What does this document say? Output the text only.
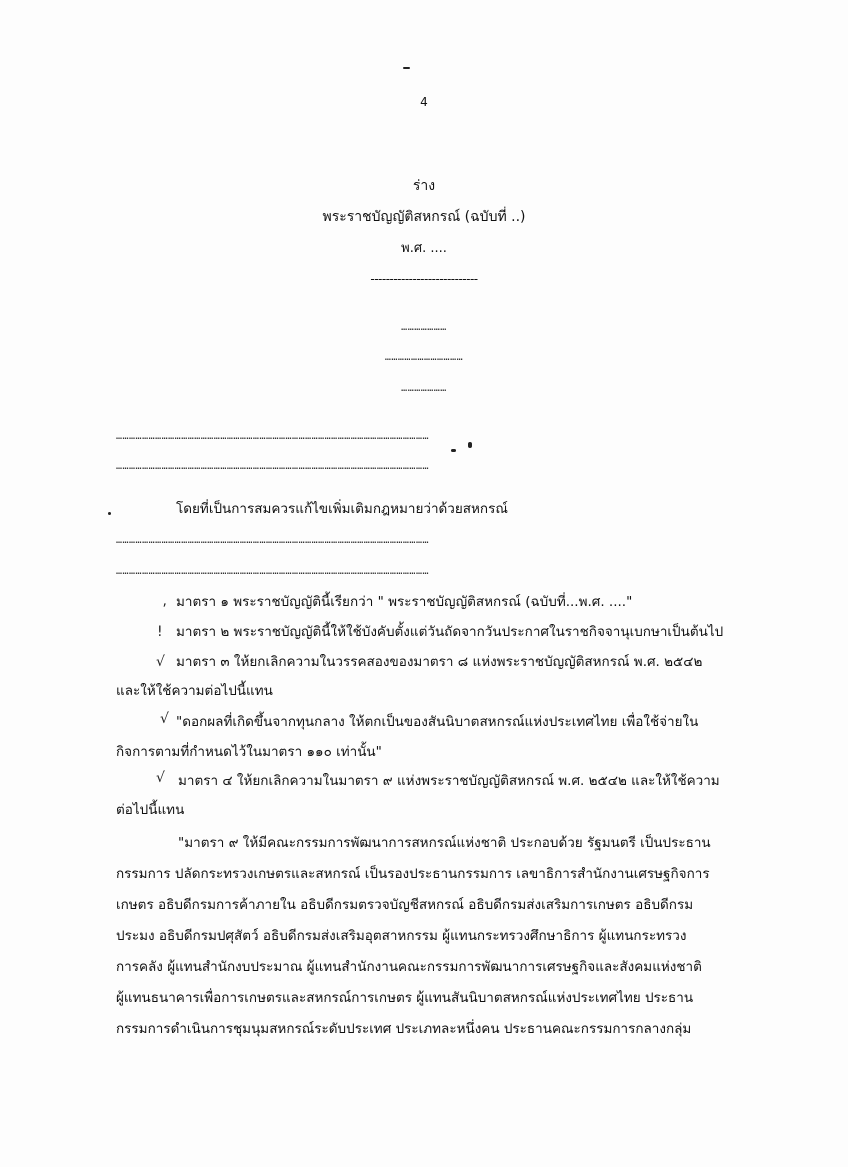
4
ร่าง
พระราชบัญญัติสหกรณ์ (ฉบับที่ ..)
พ.ศ. ....
----------------------------
…………………
………………………………
…………………
………………………………………………………………………………………………………………………………
………………………………………………………………………………………………………………………………
โดยที่เป็นการสมควรแก้ไขเพิ่มเติมกฎหมายว่าด้วยสหกรณ์
………………………………………………………………………………………………………………………………
………………………………………………………………………………………………………………………………
⸴ มาตรา ๑ พระราชบัญญัตินี้เรียกว่า " พระราชบัญญัติสหกรณ์ (ฉบับที่...พ.ศ. ...."
! มาตรา ๒ พระราชบัญญัตินี้ให้ใช้บังคับตั้งแต่วันถัดจากวันประกาศในราชกิจจานุเบกษาเป็นต้นไป
√ มาตรา ๓ ให้ยกเลิกความในวรรคสองของมาตรา ๘ แห่งพระราชบัญญัติสหกรณ์ พ.ศ. ๒๕๔๒
และให้ใช้ความต่อไปนี้แทน
√ "ดอกผลที่เกิดขึ้นจากทุนกลาง ให้ตกเป็นของสันนิบาตสหกรณ์แห่งประเทศไทย เพื่อใช้จ่ายใน
กิจการตามที่กำหนดไว้ในมาตรา ๑๑๐ เท่านั้น"
√ มาตรา ๔ ให้ยกเลิกความในมาตรา ๙ แห่งพระราชบัญญัติสหกรณ์ พ.ศ. ๒๕๔๒ และให้ใช้ความ
ต่อไปนี้แทน
"มาตรา ๙ ให้มีคณะกรรมการพัฒนาการสหกรณ์แห่งชาติ ประกอบด้วย รัฐมนตรี เป็นประธาน
กรรมการ ปลัดกระทรวงเกษตรและสหกรณ์ เป็นรองประธานกรรมการ เลขาธิการสำนักงานเศรษฐกิจการ
เกษตร อธิบดีกรมการค้าภายใน อธิบดีกรมตรวจบัญชีสหกรณ์ อธิบดีกรมส่งเสริมการเกษตร อธิบดีกรม
ประมง อธิบดีกรมปศุสัตว์ อธิบดีกรมส่งเสริมอุตสาหกรรม ผู้แทนกระทรวงศึกษาธิการ ผู้แทนกระทรวง
การคลัง ผู้แทนสำนักงบประมาณ ผู้แทนสำนักงานคณะกรรมการพัฒนาการเศรษฐกิจและสังคมแห่งชาติ
ผู้แทนธนาคารเพื่อการเกษตรและสหกรณ์การเกษตร ผู้แทนสันนิบาตสหกรณ์แห่งประเทศไทย ประธาน
กรรมการดำเนินการชุมนุมสหกรณ์ระดับประเทศ ประเภทละหนึ่งคน ประธานคณะกรรมการกลางกลุ่ม
